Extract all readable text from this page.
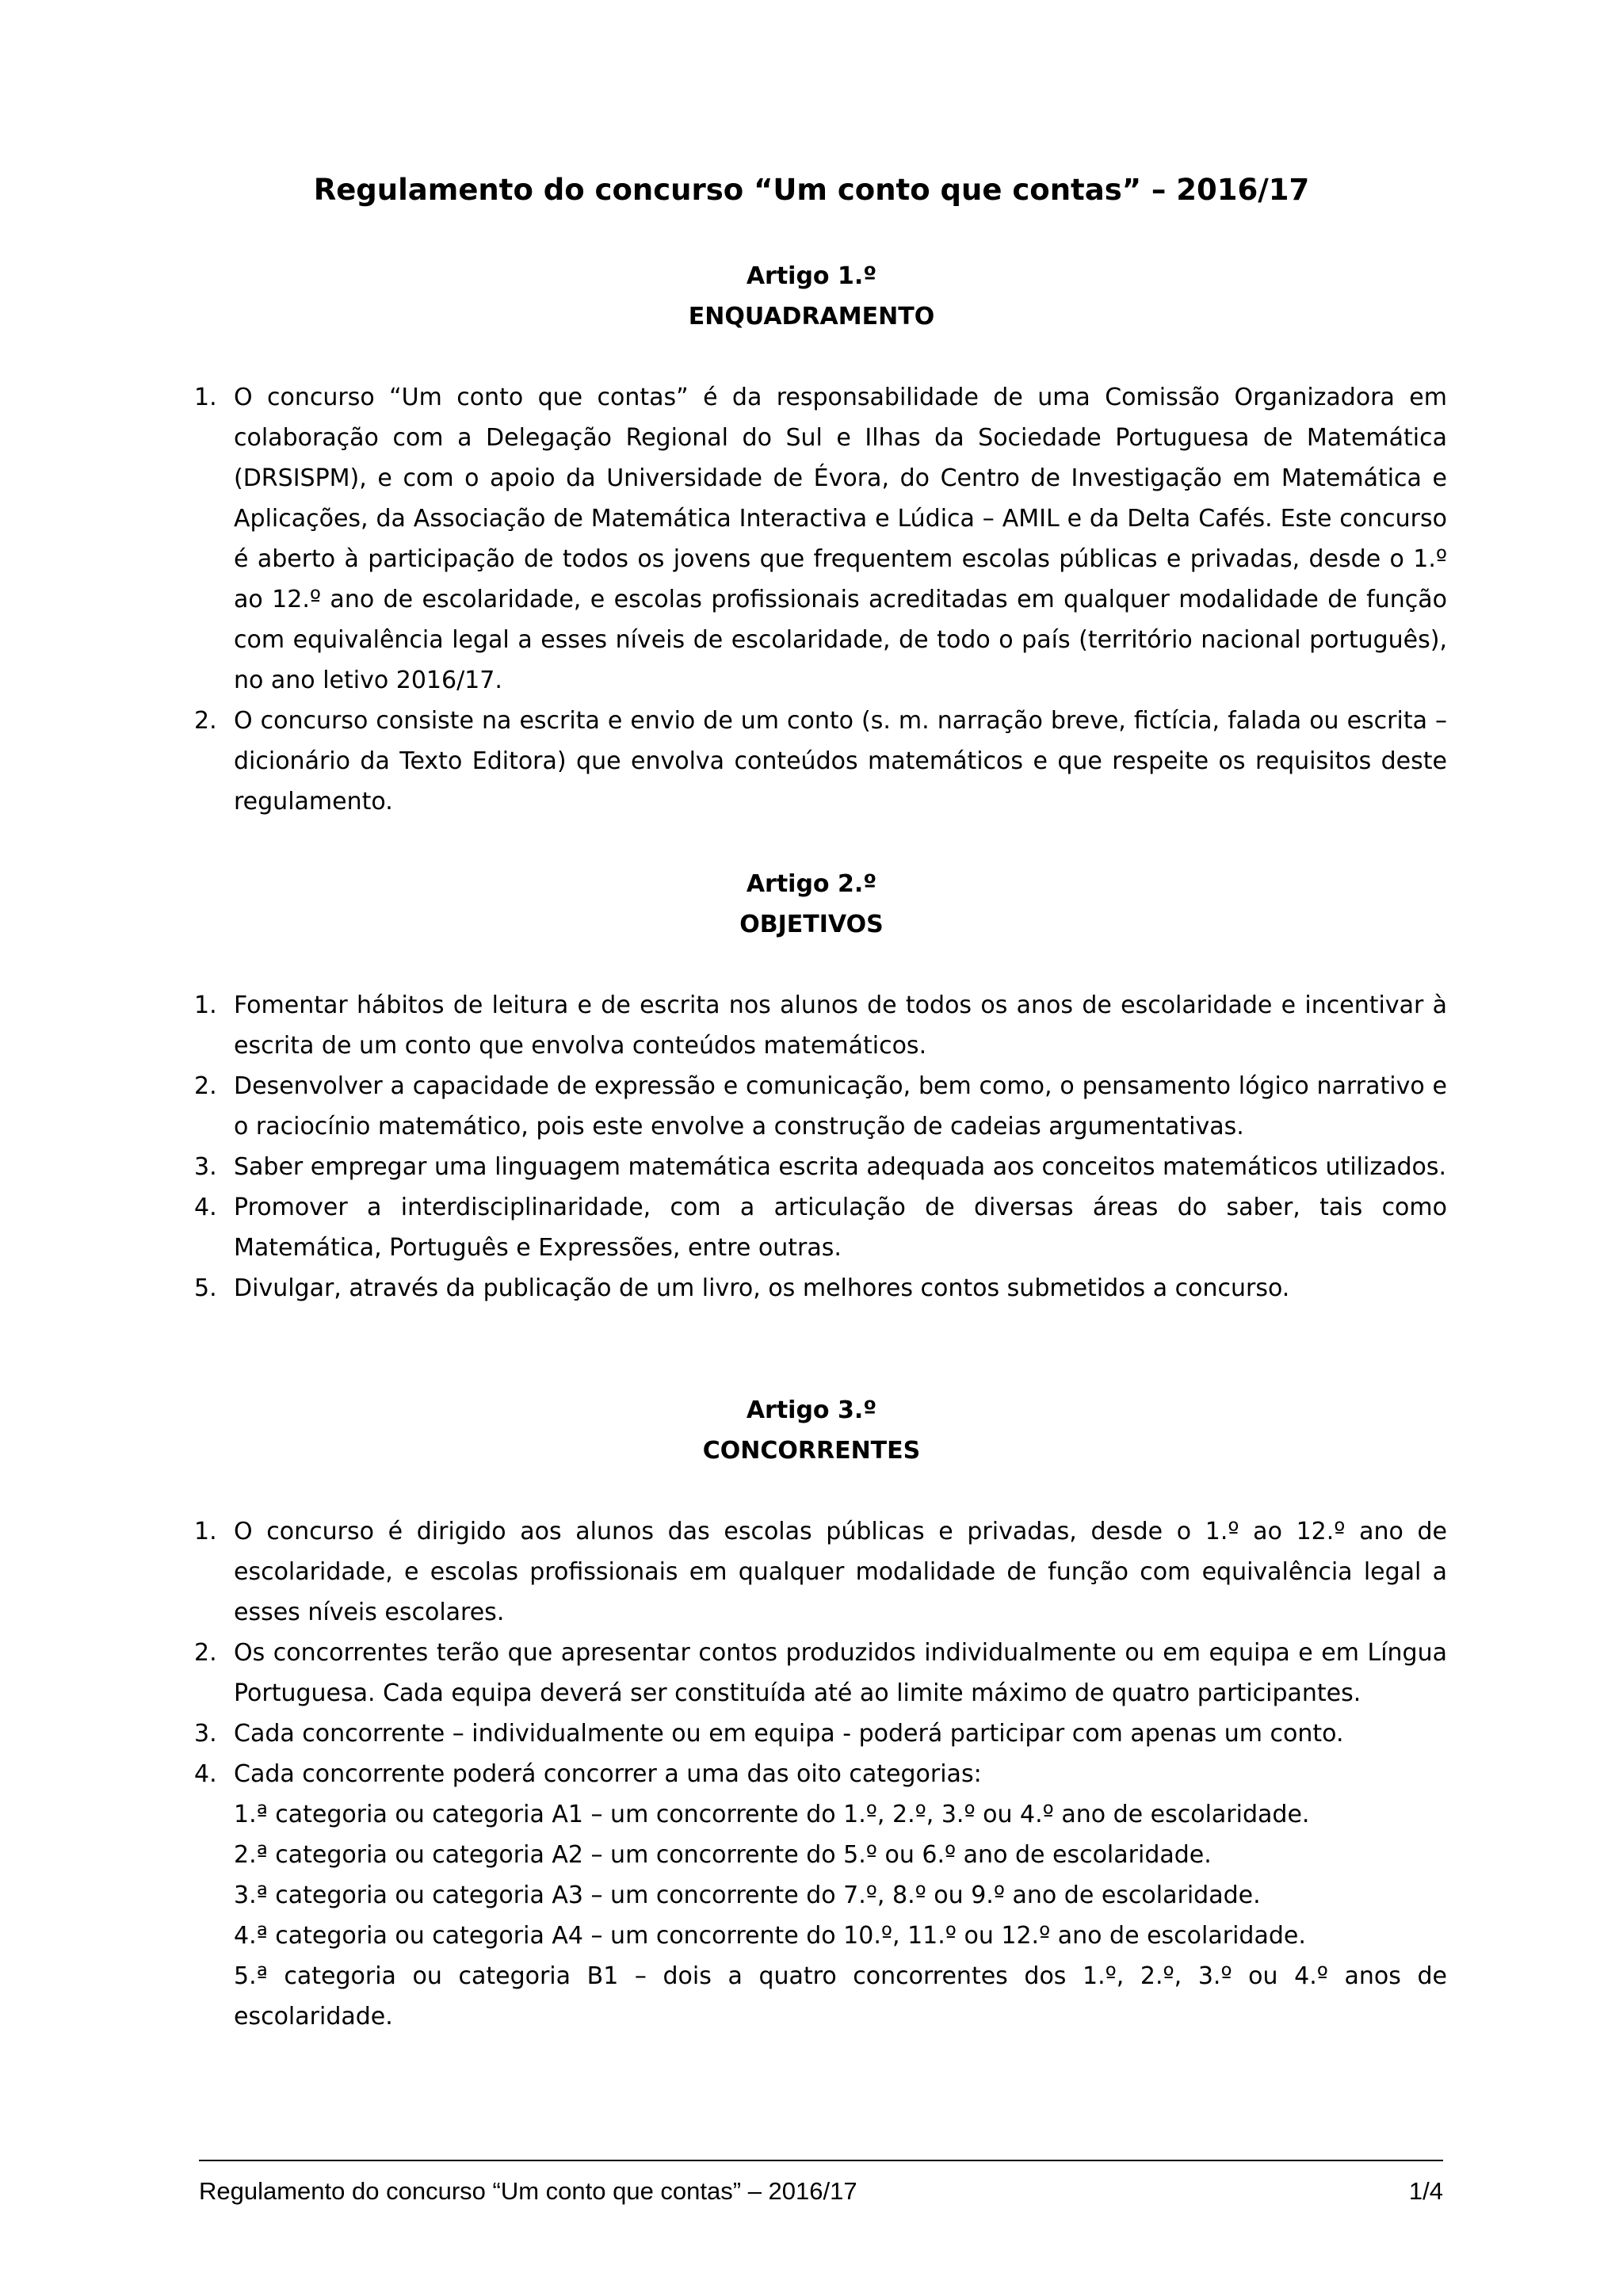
Regulamento do concurso “Um conto que contas” – 2016/17
Artigo 1.º
ENQUADRAMENTO
1. O concurso “Um conto que contas” é da responsabilidade de uma Comissão Organizadora em colaboração com a Delegação Regional do Sul e Ilhas da Sociedade Portuguesa de Matemática (DRSISPM), e com o apoio da Universidade de Évora, do Centro de Investigação em Matemática e Aplicações, da Associação de Matemática Interactiva e Lúdica – AMIL e da Delta Cafés. Este concurso é aberto à participação de todos os jovens que frequentem escolas públicas e privadas, desde o 1.º ao 12.º ano de escolaridade, e escolas profissionais acreditadas em qualquer modalidade de função com equivalência legal a esses níveis de escolaridade, de todo o país (território nacional português), no ano letivo 2016/17.
2. O concurso consiste na escrita e envio de um conto (s. m. narração breve, fictícia, falada ou escrita – dicionário da Texto Editora) que envolva conteúdos matemáticos e que respeite os requisitos deste regulamento.
Artigo 2.º
OBJETIVOS
1. Fomentar hábitos de leitura e de escrita nos alunos de todos os anos de escolaridade e incentivar à escrita de um conto que envolva conteúdos matemáticos.
2. Desenvolver a capacidade de expressão e comunicação, bem como, o pensamento lógico narrativo e o raciocínio matemático, pois este envolve a construção de cadeias argumentativas.
3. Saber empregar uma linguagem matemática escrita adequada aos conceitos matemáticos utilizados.
4. Promover a interdisciplinaridade, com a articulação de diversas áreas do saber, tais como Matemática, Português e Expressões, entre outras.
5. Divulgar, através da publicação de um livro, os melhores contos submetidos a concurso.
Artigo 3.º
CONCORRENTES
1. O concurso é dirigido aos alunos das escolas públicas e privadas, desde o 1.º ao 12.º ano de escolaridade, e escolas profissionais em qualquer modalidade de função com equivalência legal a esses níveis escolares.
2. Os concorrentes terão que apresentar contos produzidos individualmente ou em equipa e em Língua Portuguesa. Cada equipa deverá ser constituída até ao limite máximo de quatro participantes.
3. Cada concorrente – individualmente ou em equipa - poderá participar com apenas um conto.
4. Cada concorrente poderá concorrer a uma das oito categorias:
1.ª categoria ou categoria A1 – um concorrente do 1.º, 2.º, 3.º ou 4.º ano de escolaridade.
2.ª categoria ou categoria A2 – um concorrente do 5.º ou 6.º ano de escolaridade.
3.ª categoria ou categoria A3 – um concorrente do 7.º, 8.º ou 9.º ano de escolaridade.
4.ª categoria ou categoria A4 – um concorrente do 10.º, 11.º ou 12.º ano de escolaridade.
5.ª categoria ou categoria B1 – dois a quatro concorrentes dos 1.º, 2.º, 3.º ou 4.º anos de escolaridade.

Regulamento do concurso “Um conto que contas” – 2016/17	1/4
